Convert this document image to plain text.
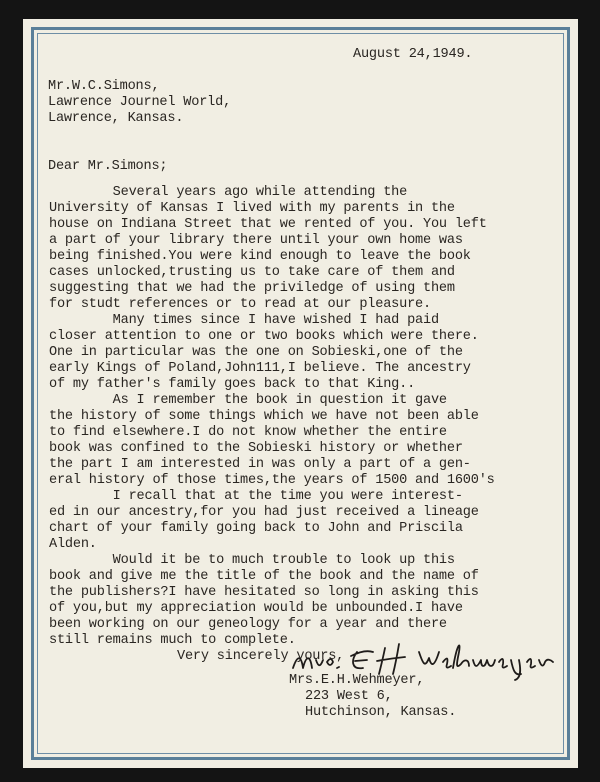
August 24,1949.
Mr.W.C.Simons,
Lawrence Journel World,
Lawrence, Kansas.
Dear Mr.Simons;
Several years ago while attending the
University of Kansas I lived with my parents in the
house on Indiana Street that we rented of you. You left
a part of your library there until your own home was
being finished.You were kind enough to leave the book
cases unlocked,trusting us to take care of them and
suggesting that we had the priviledge of using them
for studt references or to read at our pleasure.
Many times since I have wished I had paid
closer attention to one or two books which were there.
One in particular was the one on Sobieski,one of the
early Kings of Poland,John111,I believe. The ancestry
of my father's family goes back to that King..
As I remember the book in question it gave
the history of some things which we have not been able
to find elsewhere.I do not know whether the entire
book was confined to the Sobieski history or whether
the part I am interested in was only a part of a gen-
eral history of those times,the years of 1500 and 1600's
I recall that at the time you were interest-
ed in our ancestry,for you had just received a lineage
chart of your family going back to John and Priscila
Alden.
Would it be to much trouble to look up this
book and give me the title of the book and the name of
the publishers?I have hesitated so long in asking this
of you,but my appreciation would be unbounded.I have
been working on our geneology for a year and there
still remains much to complete.
Very sincerely yours,
Mrs.E.H.Wehmeyer,
223 West 6,
Hutchinson, Kansas.
